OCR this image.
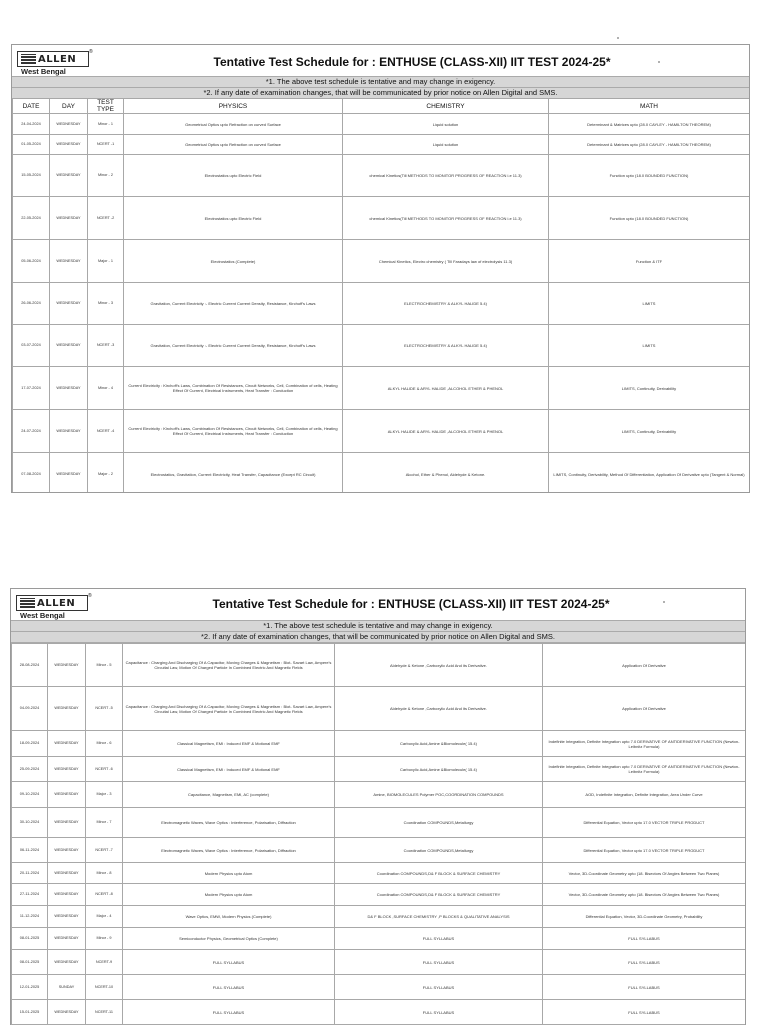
ALLEN
®
West Bengal
Tentative Test Schedule for : ENTHUSE (CLASS-XII) IIT TEST 2024-25*
*1. The above test schedule is tentative and may change in exigency.
*2. If any date of examination changes, that will be communicated by prior notice on Allen Digital and SMS.
DATE	DAY	TEST TYPE	PHYSICS	CHEMISTRY	MATH
24-04-2024	WEDNESDAY	Minor - 1	Geometrical Optics upto Refraction on curved Surface	Liquid solution	Determinant & Matrices upto (28.0 CAYLEY - HAMILTON THEOREM)
01-05-2024	WEDNESDAY	NCERT -1	Geometrical Optics upto Refraction on curved Surface	Liquid solution	Determinant & Matrices upto (28.0 CAYLEY - HAMILTON THEOREM)
15-05-2024	WEDNESDAY	Minor - 2	Electrostatics upto Electric Field	chemical Kinetics(Till METHODS TO MONITOR PROGRESS OF REACTION i.e 11.3)	Function upto (18.0 BOUNDED FUNCTION)
22-05-2024	WEDNESDAY	NCERT -2	Electrostatics upto Electric Field	chemical Kinetics(Till METHODS TO MONITOR PROGRESS OF REACTION i.e 11.3)	Function upto (18.0 BOUNDED FUNCTION)
05-06-2024	WEDNESDAY	Major - 1	Electrostatics (Complete)	Chemical Kinetics, Electro chemistry ( Till Faradays law of electrolysis 11.3)	Function & ITF
26-06-2024	WEDNESDAY	Minor - 3	Gravitation, Current Electricity :- Electric Current Current Density, Resistance, Kirchoff's Laws	ELECTROCHEMISTRY & ALKYL HALIDE 5.4)	LIMITS
03-07-2024	WEDNESDAY	NCERT -3	Gravitation, Current Electricity :- Electric Current Current Density, Resistance, Kirchoff's Laws	ELECTROCHEMISTRY & ALKYL HALIDE 5.4)	LIMITS
17-07-2024	WEDNESDAY	Minor - 4	Current Electricity : Kirchoff's Laws, Combination Of Resistances, Circuit Networks, Cell, Combination of cells, Heating Effect Of Current, Electrical Instruments, Heat Transfer : Conduction	ALKYL HALIDE & ARYL HALIDE ,ALCOHOL ETHER & PHENOL	LIMITS, Continuity, Derivability
24-07-2024	WEDNESDAY	NCERT -4	Current Electricity : Kirchoff's Laws, Combination Of Resistances, Circuit Networks, Cell, Combination of cells, Heating Effect Of Current, Electrical Instruments, Heat Transfer : Conduction	ALKYL HALIDE & ARYL HALIDE ,ALCOHOL ETHER & PHENOL	LIMITS, Continuity, Derivability
07-08-2024	WEDNESDAY	Major - 2	Electrostatics, Gravitation, Current Electricity, Heat Transfer, Capacitance (Except RC Circuit)	Alcohol, Ether & Phenol, Aldehyde & Ketone.	LIMITS, Continuity, Derivability, Method Of Differentiation, Application Of Derivative upto (Tangent & Normal)
ALLEN
®
West Bengal
Tentative Test Schedule for : ENTHUSE (CLASS-XII) IIT TEST 2024-25*
*1. The above test schedule is tentative and may change in exigency.
*2. If any date of examination changes, that will be communicated by prior notice on Allen Digital and SMS.
28-08-2024	WEDNESDAY	Minor - 5	Capacitance : Charging And Discharging Of A Capacitor, Moving Charges & Magnetism : Biot- Savart Law, Ampere's Circuital Law, Motion Of Charged Particle In Combined Electric And Magnetic Fields	Aldehyde & Ketone ,Carboxylic Acid And its Derivative.	Application Of Derivative
04-09-2024	WEDNESDAY	NCERT -5	Capacitance : Charging And Discharging Of A Capacitor, Moving Charges & Magnetism : Biot- Savart Law, Ampere's Circuital Law, Motion Of Charged Particle In Combined Electric And Magnetic Fields	Aldehyde & Ketone ,Carboxylic Acid And its Derivative.	Application Of Derivative
18-09-2024	WEDNESDAY	Minor - 6	Classical Magnetism, EMI : Induced EMF & Motional EMF	Carboxylic Acid,Amine &Biomolecule( 15.4)	Indefinite Integration, Definite Integration upto 7.0 DERIVATIVE OF ANTIDERIVATIVE FUNCTION (Newton-Leibnitz Formula)
25-09-2024	WEDNESDAY	NCERT -6	Classical Magnetism, EMI : Induced EMF & Motional EMF	Carboxylic Acid,Amine &Biomolecule( 15.4)	Indefinite Integration, Definite Integration upto 7.0 DERIVATIVE OF ANTIDERIVATIVE FUNCTION (Newton-Leibnitz Formula)
09-10-2024	WEDNESDAY	Major - 3	Capacitance, Magnetism, EMI, AC (complete)	Amine, BIOMOLECULES Polymer POC,COORDINATION COMPOUNDS	AOD, Indefinite Integration, Definite Integration, Area Under Curve
30-10-2024	WEDNESDAY	Minor - 7	Electromagnetic Waves, Wave Optics : Interference, Polarisation, Diffraction	Coordination COMPOUNDS,Metallurgy	Differential Equation, Vector upto 17.0 VECTOR TRIPLE PRODUCT
06-11-2024	WEDNESDAY	NCERT -7	Electromagnetic Waves, Wave Optics : Interference, Polarisation, Diffraction	Coordination COMPOUNDS,Metallurgy	Differential Equation, Vector upto 17.0 VECTOR TRIPLE PRODUCT
20-11-2024	WEDNESDAY	Minor - 8	Modern Physics upto Atom	Coordination COMPOUNDS,D& F BLOCK & SURFACE CHEMISTRY	Vector, 3D-Coordinate Geometry upto (18. Bisectors Of Angles Between Two Planes)
27-11-2024	WEDNESDAY	NCERT -8	Modern Physics upto Atom	Coordination COMPOUNDS,D& F BLOCK & SURFACE CHEMISTRY	Vector, 3D-Coordinate Geometry upto (18. Bisectors Of Angles Between Two Planes)
11-12-2024	WEDNESDAY	Major - 4	Wave Optics, EMW, Modern Physics (Complete)	D& F BLOCK ,SURFACE CHEMISTRY ,P BLOCKS & QUALITATIVE ANALYSIS	Differential Equation, Vector, 3D-Coordinate Geometry, Probability
08-01-2025	WEDNESDAY	Minor - 9	Semiconductor Physics, Geometrical Optics (Complete)	FULL SYLLABUS	FULL SYLLABUS
08-01-2025	WEDNESDAY	NCERT-9	FULL SYLLABUS	FULL SYLLABUS	FULL SYLLABUS
12-01-2025	SUNDAY	NCERT-10	FULL SYLLABUS	FULL SYLLABUS	FULL SYLLABUS
15-01-2025	WEDNESDAY	NCERT-11	FULL SYLLABUS	FULL SYLLABUS	FULL SYLLABUS
